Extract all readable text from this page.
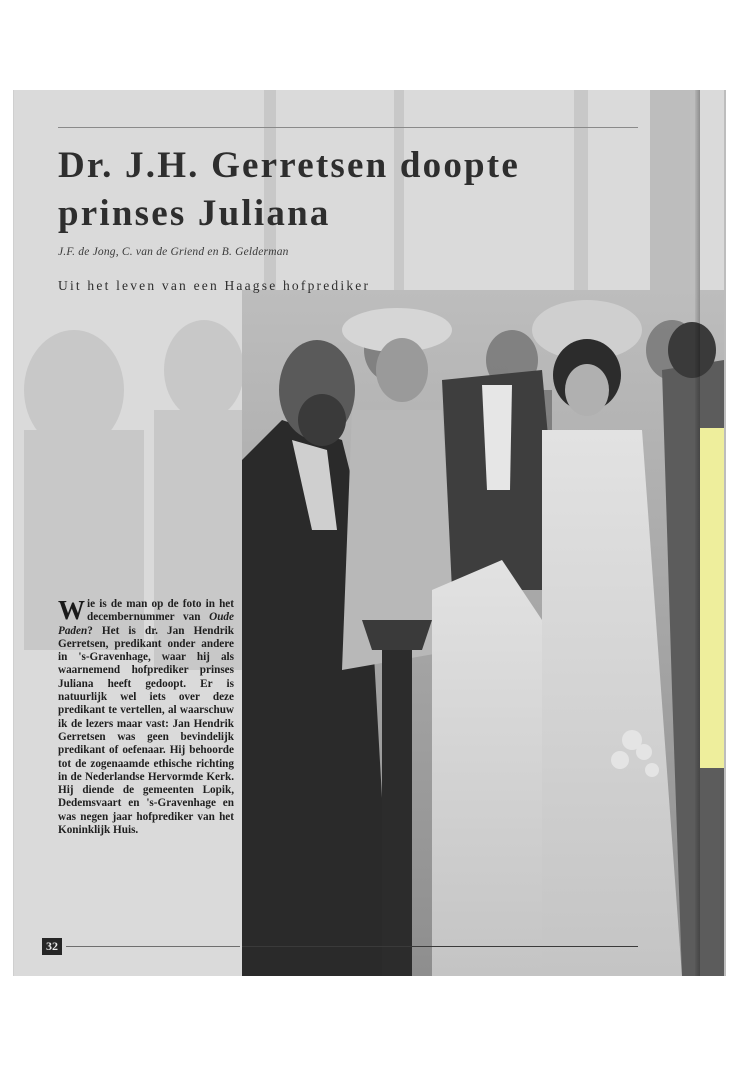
Dr. J.H. Gerretsen doopte prinses Juliana
J.F. de Jong, C. van de Griend en B. Gelderman
Uit het leven van een Haagse hofprediker

Wie is de man op de foto in het decembernummer van Oude Paden? Het is dr. Jan Hendrik Gerretsen, predikant onder andere in 's-Gravenhage, waar hij als waarnemend hofprediker prinses Juliana heeft gedoopt. Er is natuurlijk wel iets over deze predikant te vertellen, al waarschuw ik de lezers maar vast: Jan Hendrik Gerretsen was geen bevindelijk predikant of oefenaar. Hij behoorde tot de zogenaamde ethische richting in de Nederlandse Hervormde Kerk. Hij diende de gemeenten Lopik, Dedemsvaart en 's-Gravenhage en was negen jaar hofprediker van het Koninklijk Huis.

32
